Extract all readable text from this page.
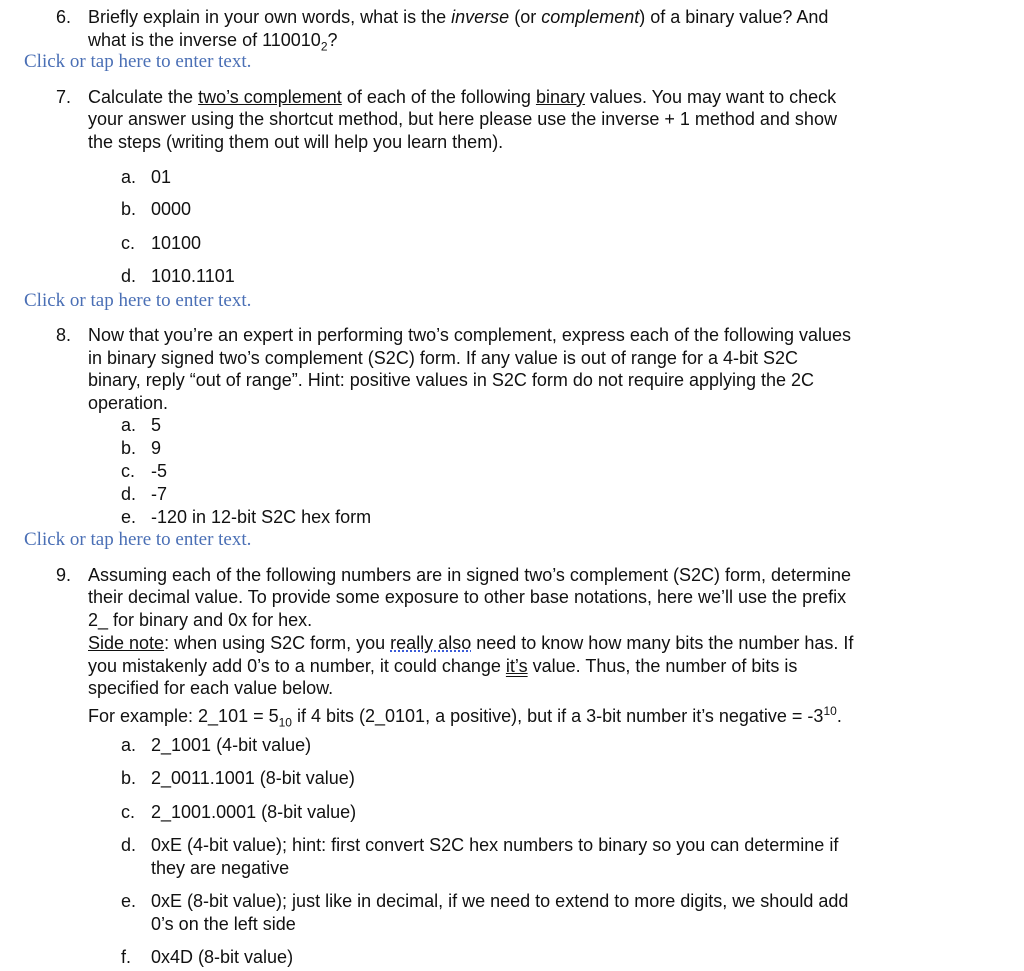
6. Briefly explain in your own words, what is the inverse (or complement) of a binary value? And
what is the inverse of $110010_2$?
Click or tap here to enter text.
7. Calculate the two’s complement of each of the following binary values. You may want to check
your answer using the shortcut method, but here please use the inverse + 1 method and show
the steps (writing them out will help you learn them).
a. 01
b. 0000
c. 10100
d. 1010.1101
Click or tap here to enter text.
8. Now that you’re an expert in performing two’s complement, express each of the following values
in binary signed two’s complement (S2C) form. If any value is out of range for a 4-bit S2C
binary, reply “out of range”. Hint: positive values in S2C form do not require applying the 2C
operation.
a. 5
b. 9
c. -5
d. -7
e. -120 in 12-bit S2C hex form
Click or tap here to enter text.
9. Assuming each of the following numbers are in signed two’s complement (S2C) form, determine
their decimal value. To provide some exposure to other base notations, here we’ll use the prefix
2_ for binary and 0x for hex.
Side note: when using S2C form, you really also need to know how many bits the number has. If
you mistakenly add 0’s to a number, it could change it’s value. Thus, the number of bits is
specified for each value below.
For example: 2_101 = $5_{10}$ if 4 bits (2_0101, a positive), but if a 3-bit number it’s negative = $-3^{10}$.
a. 2_1001 (4-bit value)
b. 2_0011.1001 (8-bit value)
c. 2_1001.0001 (8-bit value)
d. 0xE (4-bit value); hint: first convert S2C hex numbers to binary so you can determine if
they are negative
e. 0xE (8-bit value); just like in decimal, if we need to extend to more digits, we should add
0’s on the left side
f. 0x4D (8-bit value)
